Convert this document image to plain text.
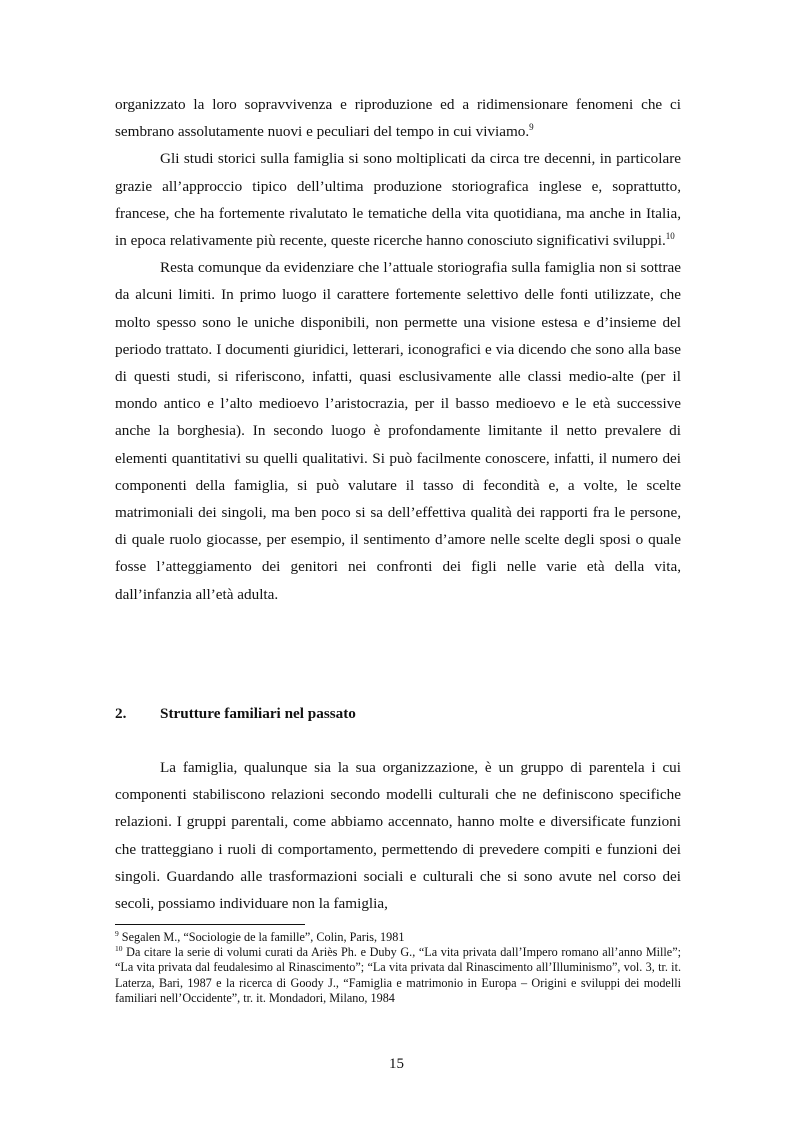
organizzato la loro sopravvivenza e riproduzione ed a ridimensionare fenomeni che ci sembrano assolutamente nuovi e peculiari del tempo in cui viviamo.$^9$

Gli studi storici sulla famiglia si sono moltiplicati da circa tre decenni, in particolare grazie all’approccio tipico dell’ultima produzione storiografica inglese e, soprattutto, francese, che ha fortemente rivalutato le tematiche della vita quotidiana, ma anche in Italia, in epoca relativamente più recente, queste ricerche hanno conosciuto significativi sviluppi.$^{10}$

Resta comunque da evidenziare che l’attuale storiografia sulla famiglia non si sottrae da alcuni limiti. In primo luogo il carattere fortemente selettivo delle fonti utilizzate, che molto spesso sono le uniche disponibili, non permette una visione estesa e d’insieme del periodo trattato. I documenti giuridici, letterari, iconografici e via dicendo che sono alla base di questi studi, si riferiscono, infatti, quasi esclusivamente alle classi medio-alte (per il mondo antico e l’alto medioevo l’aristocrazia, per il basso medioevo e le età successive anche la borghesia). In secondo luogo è profondamente limitante il netto prevalere di elementi quantitativi su quelli qualitativi. Si può facilmente conoscere, infatti, il numero dei componenti della famiglia, si può valutare il tasso di fecondità e, a volte, le scelte matrimoniali dei singoli, ma ben poco si sa dell’effettiva qualità dei rapporti fra le persone, di quale ruolo giocasse, per esempio, il sentimento d’amore nelle scelte degli sposi o quale fosse l’atteggiamento dei genitori nei confronti dei figli nelle varie età della vita, dall’infanzia all’età adulta.

2. Strutture familiari nel passato

La famiglia, qualunque sia la sua organizzazione, è un gruppo di parentela i cui componenti stabiliscono relazioni secondo modelli culturali che ne definiscono specifiche relazioni. I gruppi parentali, come abbiamo accennato, hanno molte e diversificate funzioni che tratteggiano i ruoli di comportamento, permettendo di prevedere compiti e funzioni dei singoli. Guardando alle trasformazioni sociali e culturali che si sono avute nel corso dei secoli, possiamo individuare non la famiglia,

$^9$ Segalen M., “Sociologie de la famille”, Colin, Paris, 1981

$^{10}$ Da citare la serie di volumi curati da Ariès Ph. e Duby G., “La vita privata dall’Impero romano all’anno Mille”; “La vita privata dal feudalesimo al Rinascimento”; “La vita privata dal Rinascimento all’Illuminismo”, vol. 3, tr. it. Laterza, Bari, 1987 e la ricerca di Goody J., “Famiglia e matrimonio in Europa – Origini e sviluppi dei modelli familiari nell’Occidente”, tr. it. Mondadori, Milano, 1984

15
